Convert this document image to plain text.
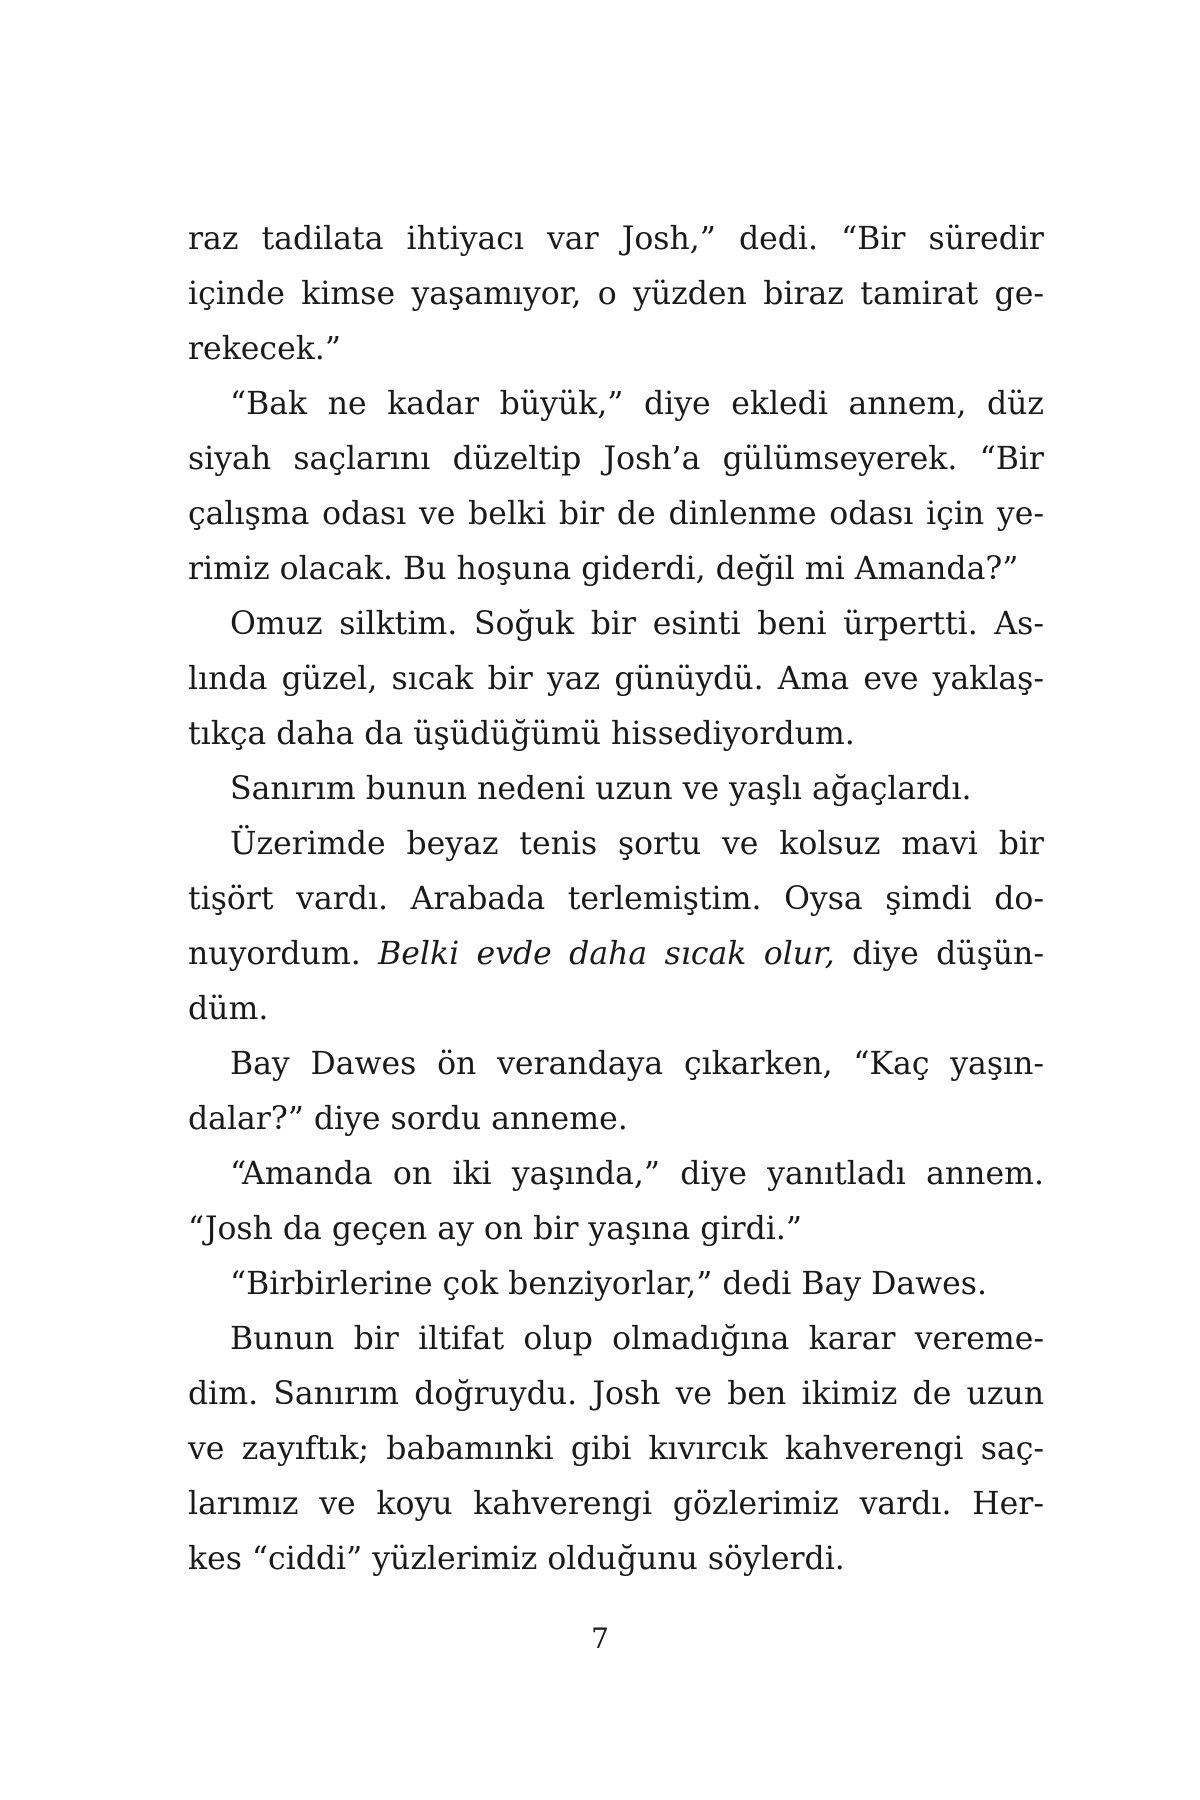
raz tadilata ihtiyacı var Josh,” dedi. “Bir süredir
içinde kimse yaşamıyor, o yüzden biraz tamirat ge-
rekecek.”
“Bak ne kadar büyük,” diye ekledi annem, düz
siyah saçlarını düzeltip Josh’a gülümseyerek. “Bir
çalışma odası ve belki bir de dinlenme odası için ye-
rimiz olacak. Bu hoşuna giderdi, değil mi Amanda?”
Omuz silktim. Soğuk bir esinti beni ürpertti. As-
lında güzel, sıcak bir yaz günüydü. Ama eve yaklaş-
tıkça daha da üşüdüğümü hissediyordum.
Sanırım bunun nedeni uzun ve yaşlı ağaçlardı.
Üzerimde beyaz tenis şortu ve kolsuz mavi bir
tişört vardı. Arabada terlemiştim. Oysa şimdi do-
nuyordum. Belki evde daha sıcak olur, diye düşün-
düm.
Bay Dawes ön verandaya çıkarken, “Kaç yaşın-
dalar?” diye sordu anneme.
“Amanda on iki yaşında,” diye yanıtladı annem.
“Josh da geçen ay on bir yaşına girdi.”
“Birbirlerine çok benziyorlar,” dedi Bay Dawes.
Bunun bir iltifat olup olmadığına karar vereme-
dim. Sanırım doğruydu. Josh ve ben ikimiz de uzun
ve zayıftık; babamınki gibi kıvırcık kahverengi saç-
larımız ve koyu kahverengi gözlerimiz vardı. Her-
kes “ciddi” yüzlerimiz olduğunu söylerdi.
7
